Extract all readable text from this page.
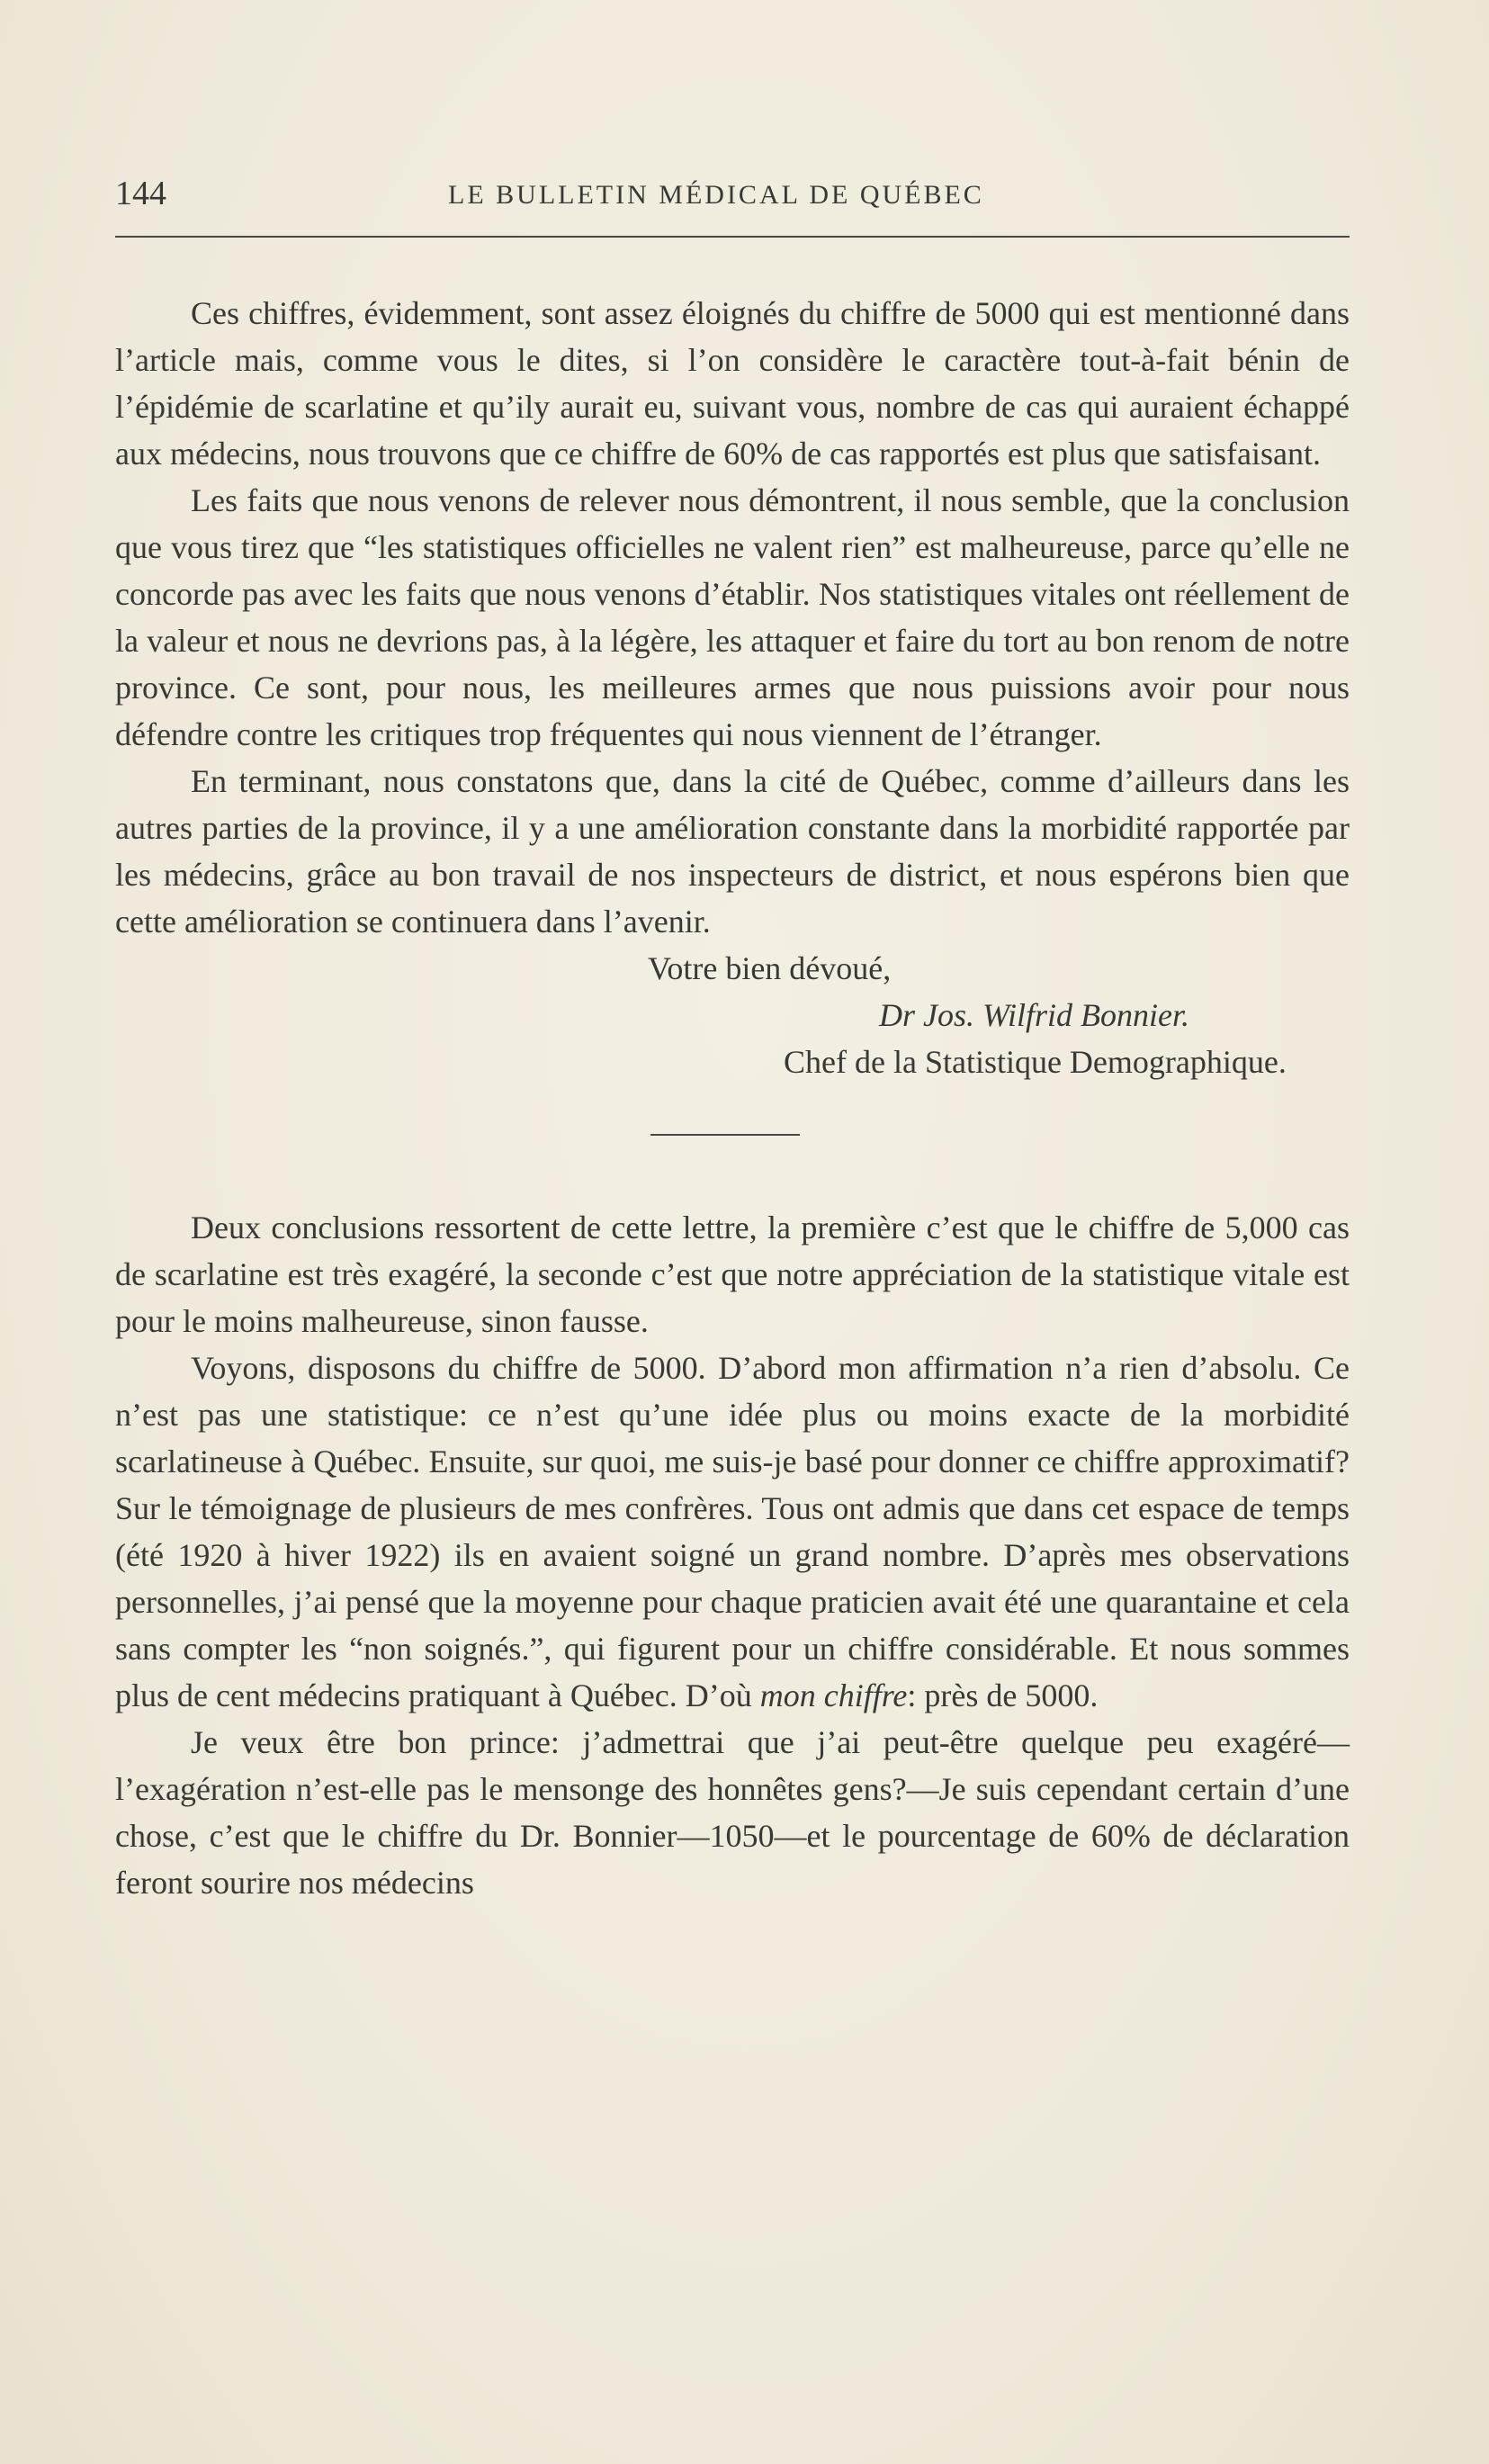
144	LE BULLETIN MÉDICAL DE QUÉBEC

Ces chiffres, évidemment, sont assez éloignés du chiffre de 5000 qui est mentionné dans l’article mais, comme vous le dites, si l’on considère le caractère tout-à-fait bénin de l’épidémie de scarlatine et qu’ily aurait eu, suivant vous, nombre de cas qui auraient échappé aux médecins, nous trouvons que ce chiffre de 60% de cas rapportés est plus que satisfaisant.

Les faits que nous venons de relever nous démontrent, il nous semble, que la conclusion que vous tirez que “les statistiques officielles ne valent rien” est malheureuse, parce qu’elle ne concorde pas avec les faits que nous venons d’établir. Nos statistiques vitales ont réellement de la valeur et nous ne devrions pas, à la légère, les attaquer et faire du tort au bon renom de notre province. Ce sont, pour nous, les meilleures armes que nous puissions avoir pour nous défendre contre les critiques trop fréquentes qui nous viennent de l’étranger.

En terminant, nous constatons que, dans la cité de Québec, comme d’ailleurs dans les autres parties de la province, il y a une amélioration constante dans la morbidité rapportée par les médecins, grâce au bon travail de nos inspecteurs de district, et nous espérons bien que cette amélioration se continuera dans l’avenir.

Votre bien dévoué,

Dr Jos. Wilfrid Bonnier.

Chef de la Statistique Demographique.

Deux conclusions ressortent de cette lettre, la première c’est que le chiffre de 5,000 cas de scarlatine est très exagéré, la seconde c’est que notre appréciation de la statistique vitale est pour le moins malheureuse, sinon fausse.

Voyons, disposons du chiffre de 5000. D’abord mon affirmation n’a rien d’absolu. Ce n’est pas une statistique: ce n’est qu’une idée plus ou moins exacte de la morbidité scarlatineuse à Québec. Ensuite, sur quoi, me suis-je basé pour donner ce chiffre approximatif? Sur le témoignage de plusieurs de mes confrères. Tous ont admis que dans cet espace de temps (été 1920 à hiver 1922) ils en avaient soigné un grand nombre. D’après mes observations personnelles, j’ai pensé que la moyenne pour chaque praticien avait été une quarantaine et cela sans compter les “non soignés.”, qui figurent pour un chiffre considérable. Et nous sommes plus de cent médecins pratiquant à Québec. D’où mon chiffre: près de 5000.

Je veux être bon prince: j’admettrai que j’ai peut-être quelque peu exagéré—l’exagération n’est-elle pas le mensonge des honnêtes gens?—Je suis cependant certain d’une chose, c’est que le chiffre du Dr. Bonnier—1050—et le pourcentage de 60% de déclaration feront sourire nos médecins
